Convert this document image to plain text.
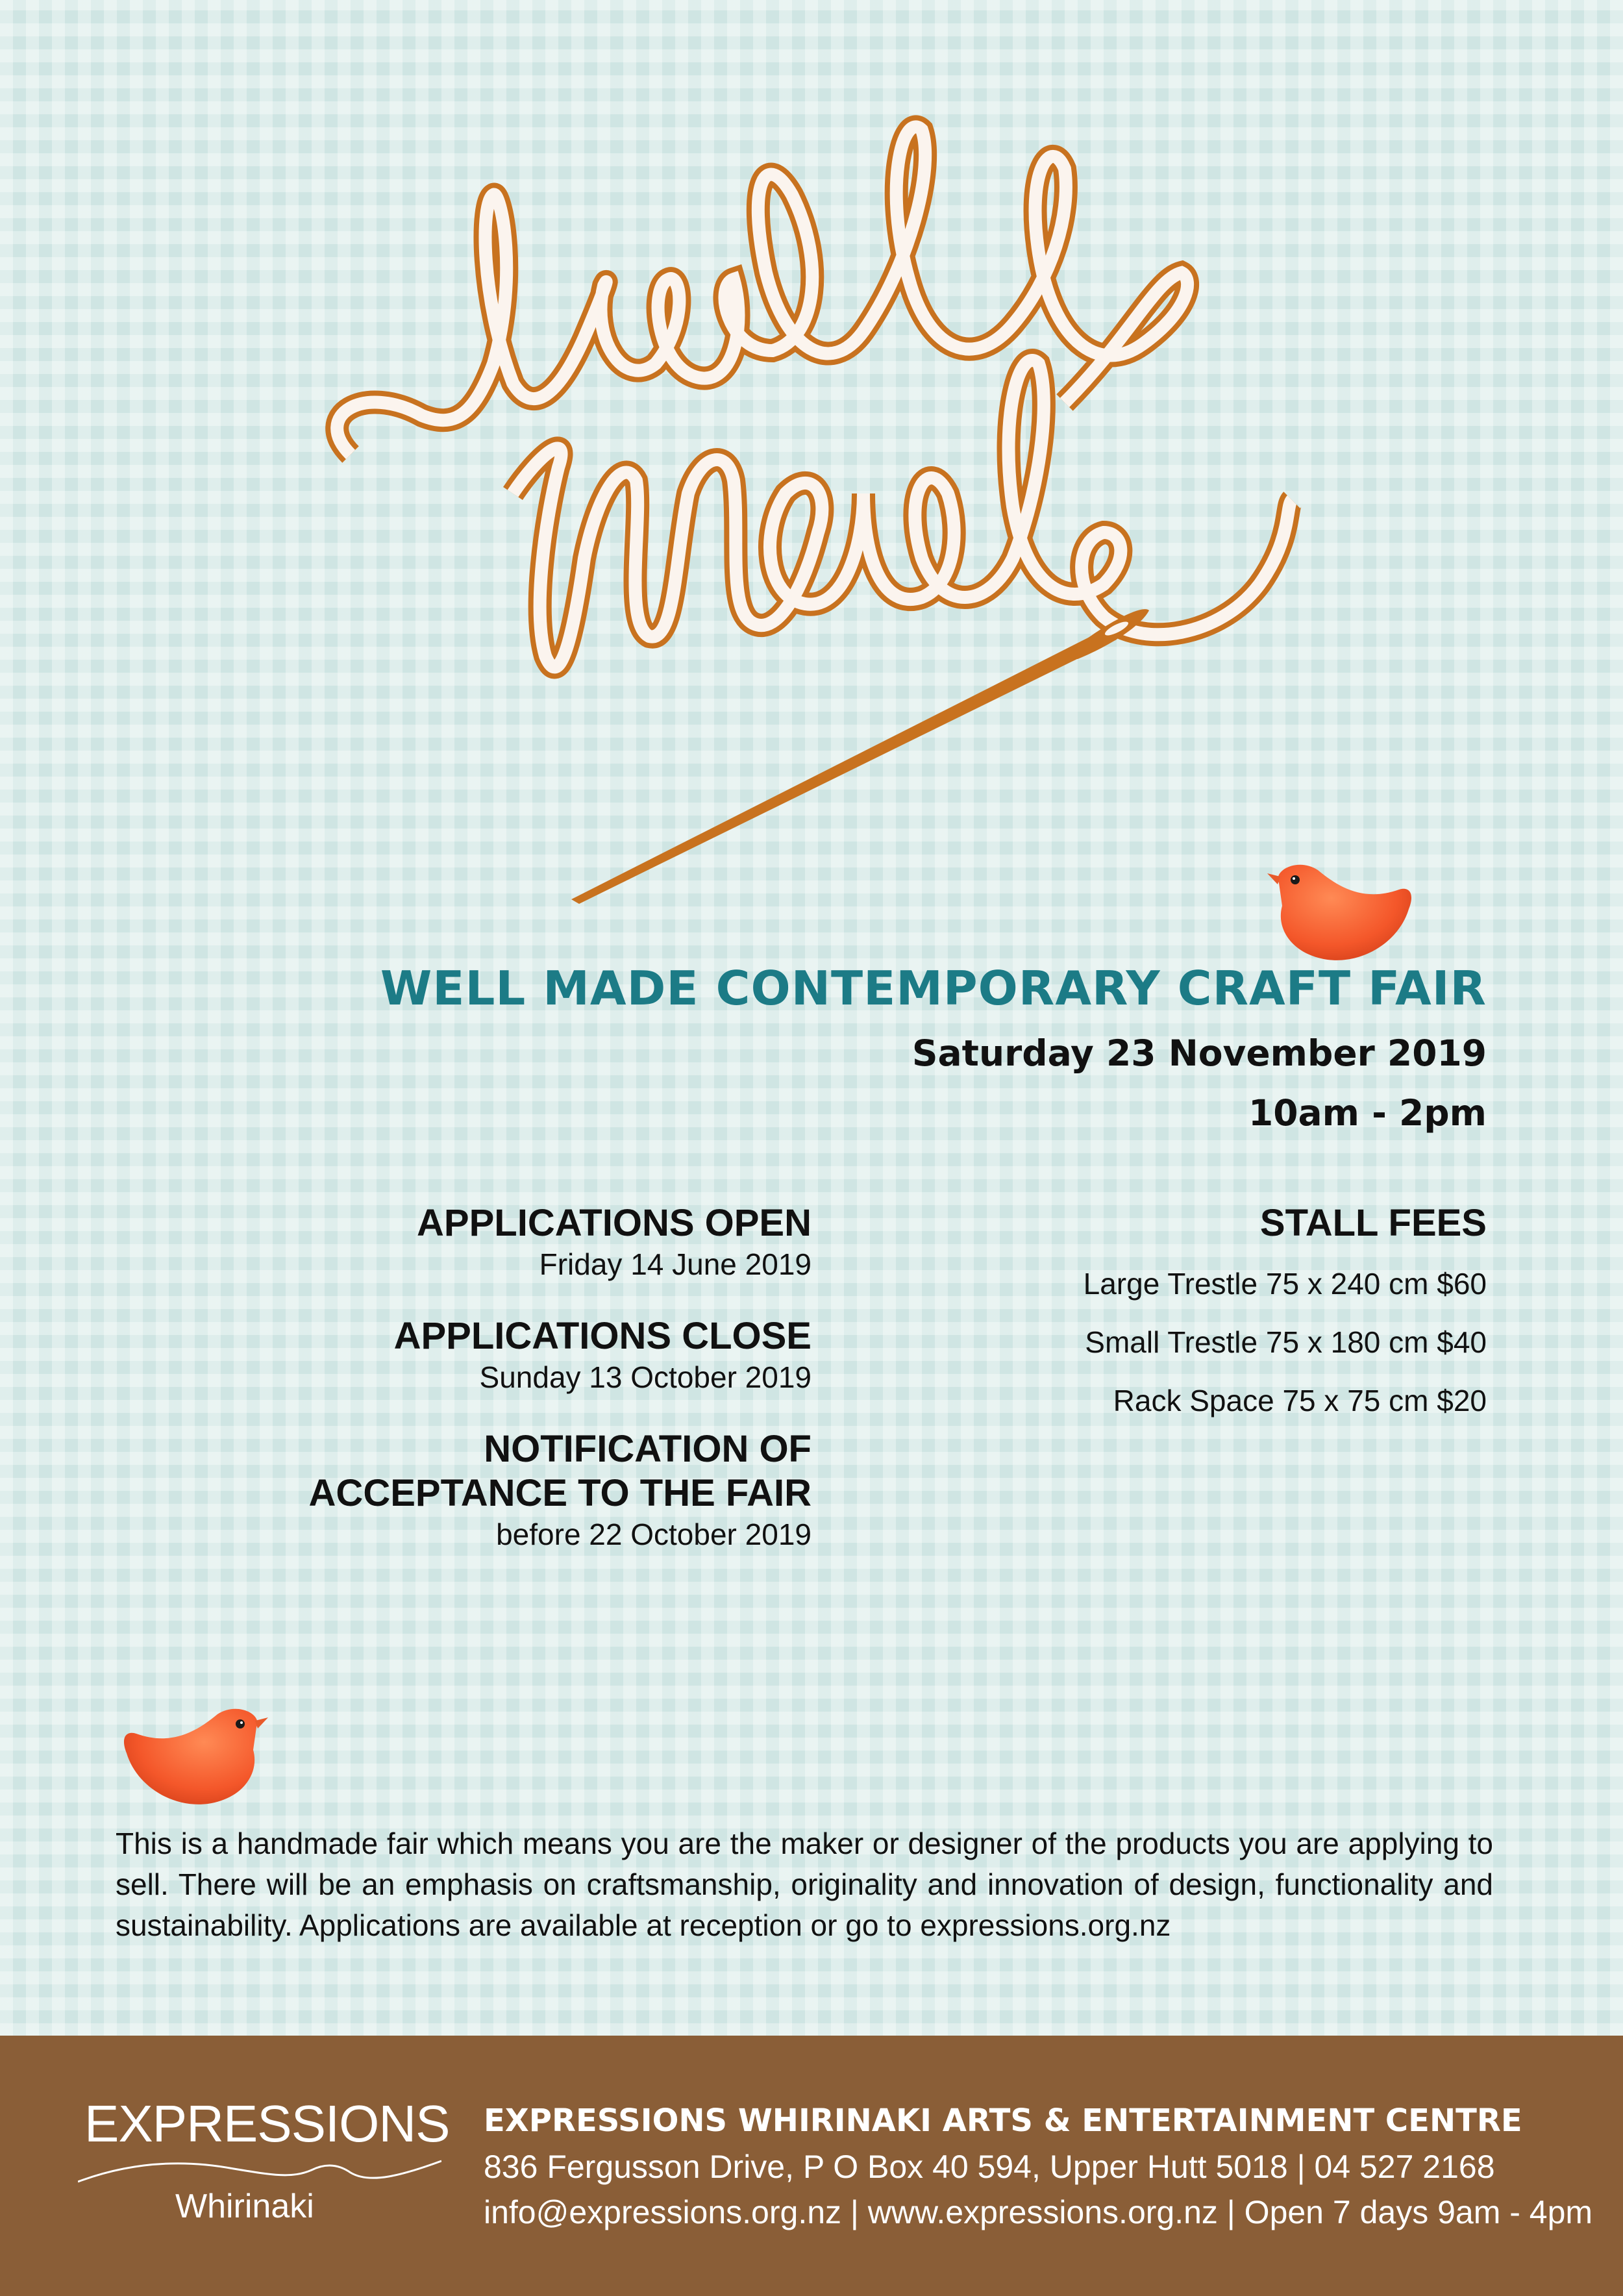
WELL MADE CONTEMPORARY CRAFT FAIR
Saturday 23 November 2019
10am - 2pm
APPLICATIONS OPEN
Friday 14 June 2019
APPLICATIONS CLOSE
Sunday 13 October 2019
NOTIFICATION OF
ACCEPTANCE TO THE FAIR
before 22 October 2019
STALL FEES
Large Trestle 75 x 240 cm $60
Small Trestle 75 x 180 cm $40
Rack Space 75 x 75 cm $20
This is a handmade fair which means you are the maker or designer of the products you are applying to sell. There will be an emphasis on craftsmanship, originality and innovation of design, functionality and sustainability. Applications are available at reception or go to expressions.org.nz
EXPRESSIONS
Whirinaki
EXPRESSIONS WHIRINAKI ARTS & ENTERTAINMENT CENTRE
836 Fergusson Drive, P O Box 40 594, Upper Hutt 5018 | 04 527 2168
info@expressions.org.nz | www.expressions.org.nz | Open 7 days 9am - 4pm
